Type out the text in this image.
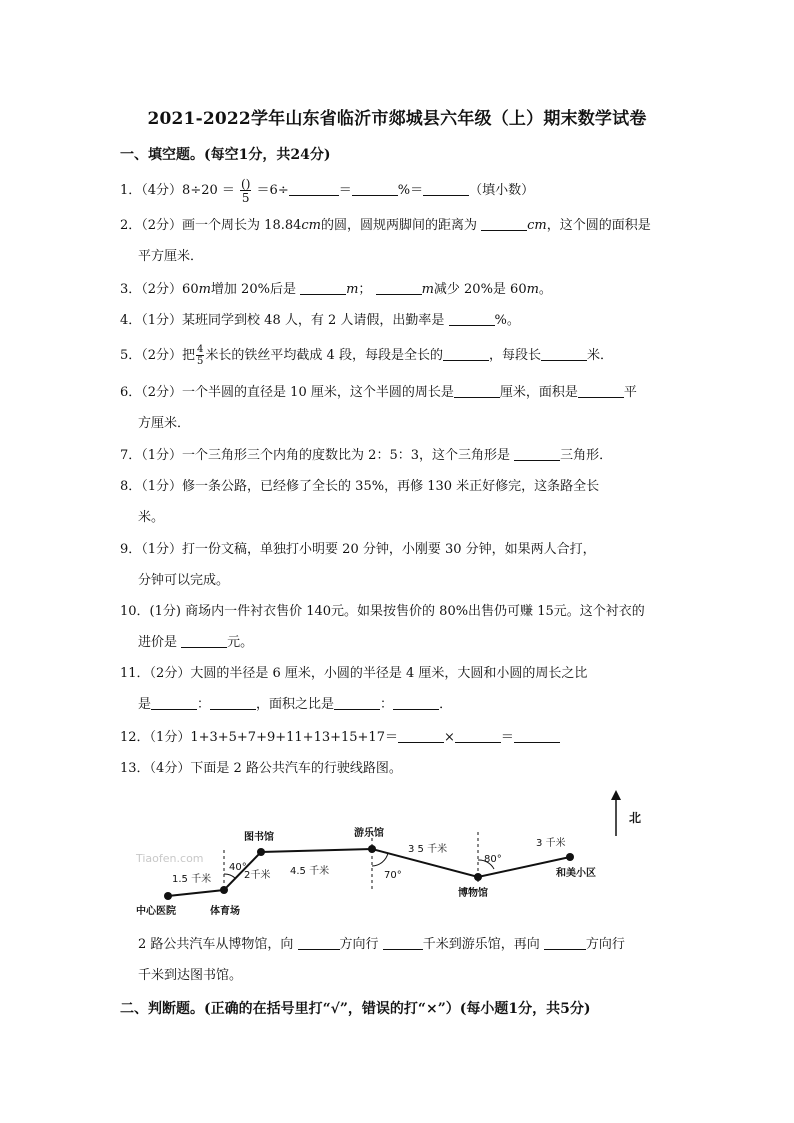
2021-2022学年山东省临沂市郯城县六年级（上）期末数学试卷
一、填空题。(每空1分，共24分)
1．（4分）$8\div 20 = \frac{()}{5} =6\div$	＝	%＝	（填小数）
2．（2分）画一个周长为 18.84cm的圆，圆规两脚间的距离为	cm，这个圆的面积是
平方厘米．
3．（2分）60m增加 20%后是	m；	m减少 20%是 60m。
4．（1分）某班同学到校 48 人，有 2 人请假，出勤率是	%。
5．（2分）把 $\frac{4}{5}$ 米长的铁丝平均截成 4 段，每段是全长的	，每段长	米．
6．（2分）一个半圆的直径是 10 厘米，这个半圆的周长是	厘米，面积是	平
方厘米．
7．（1分）一个三角形三个内角的度数比为 2：5：3，这个三角形是	三角形．
8．（1分）修一条公路，已经修了全长的 35%，再修 130 米正好修完，这条路全长
米。
9．（1分）打一份文稿，单独打小明要 20 分钟，小刚要 30 分钟，如果两人合打，
分钟可以完成。
10．(1分) 商场内一件衬衣售价 140元。如果按售价的 80%出售仍可赚 15元。这个衬衣的
进价是	元。
11．（2分）大圆的半径是 6 厘米，小圆的半径是 4 厘米，大圆和小圆的周长之比
是	：	，面积之比是	：	．
12．（1分）1+3+5+7+9+11+13+15+17＝	×	＝
13．（4分）下面是 2 路公共汽车的行驶线路图。
Tiaofen.com
北
中心医院	体育场
图书馆	游乐馆
博物馆
和美小区
1.5 千米	2千米 4.5 千米
3 5 千米
3 千米
40°
70°
80°
2 路公共汽车从博物馆，向	方向行	千米到游乐馆，再向	方向行
千米到达图书馆。
二、判断题。(正确的在括号里打“√”，错误的打“×”）(每小题1分，共5分)
